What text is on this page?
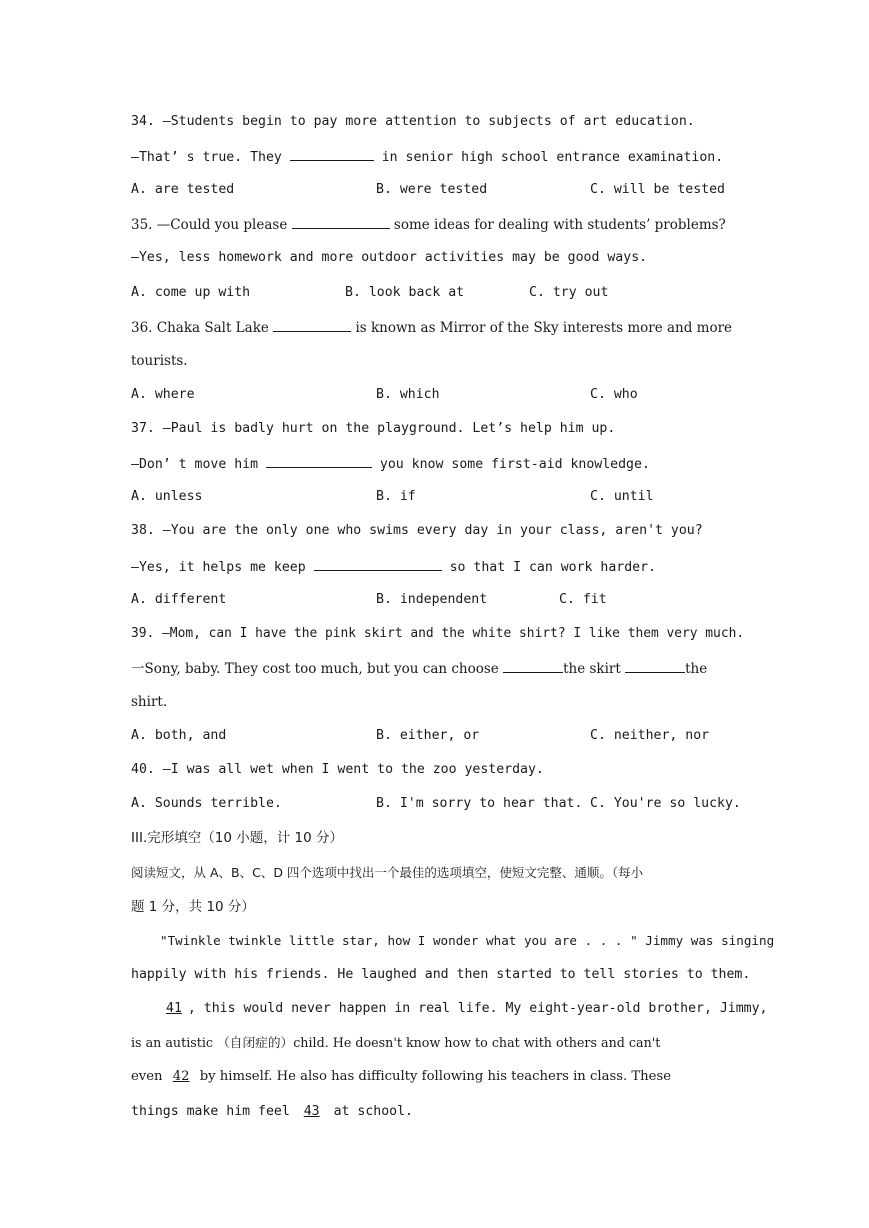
34. —Students begin to pay more attention to subjects of art education.
—That’ s true. They	in senior high school entrance examination.
A. are tested	B. were tested	C. will be tested
35. —Could you please	some ideas for dealing with students’ problems?
—Yes, less homework and more outdoor activities may be good ways.
A. come up with	B. look back at	C. try out
36. Chaka Salt Lake	is known as Mirror of the Sky interests more and more
tourists.
A. where	B. which	C. who
37. —Paul is badly hurt on the playground. Let’s help him up.
—Don’ t move him	you know some first-aid knowledge.
A. unless	B. if	C. until
38. —You are the only one who swims every day in your class, aren't you?
—Yes, it helps me keep	so that I can work harder.
A. different	B. independent	C. fit
39. —Mom, can I have the pink skirt and the white shirt? I like them very much.
一Sony, baby. They cost too much, but you can choose	the skirt	the
shirt.
A. both, and	B. either, or	C. neither, nor
40. —I was all wet when I went to the zoo yesterday.
A. Sounds terrible.	B. I'm sorry to hear that. C. You're so lucky.
III.完形填空（10 小题，计 10 分）
阅读短文，从 A、B、C、D 四个选项中找出一个最佳的选项填空，使短文完整、通顺。（每小
题 1 分，共 10 分）
"Twinkle twinkle little star, how I wonder what you are . . . " Jimmy was singing
happily with his friends. He laughed and then started to tell stories to them.
41 , this would never happen in real life. My eight-year-old brother, Jimmy,
is an autistic （自闭症的）child. He doesn't know how to chat with others and can't
even 42 by himself. He also has difficulty following his teachers in class. These
things make him feel 43 at school.
